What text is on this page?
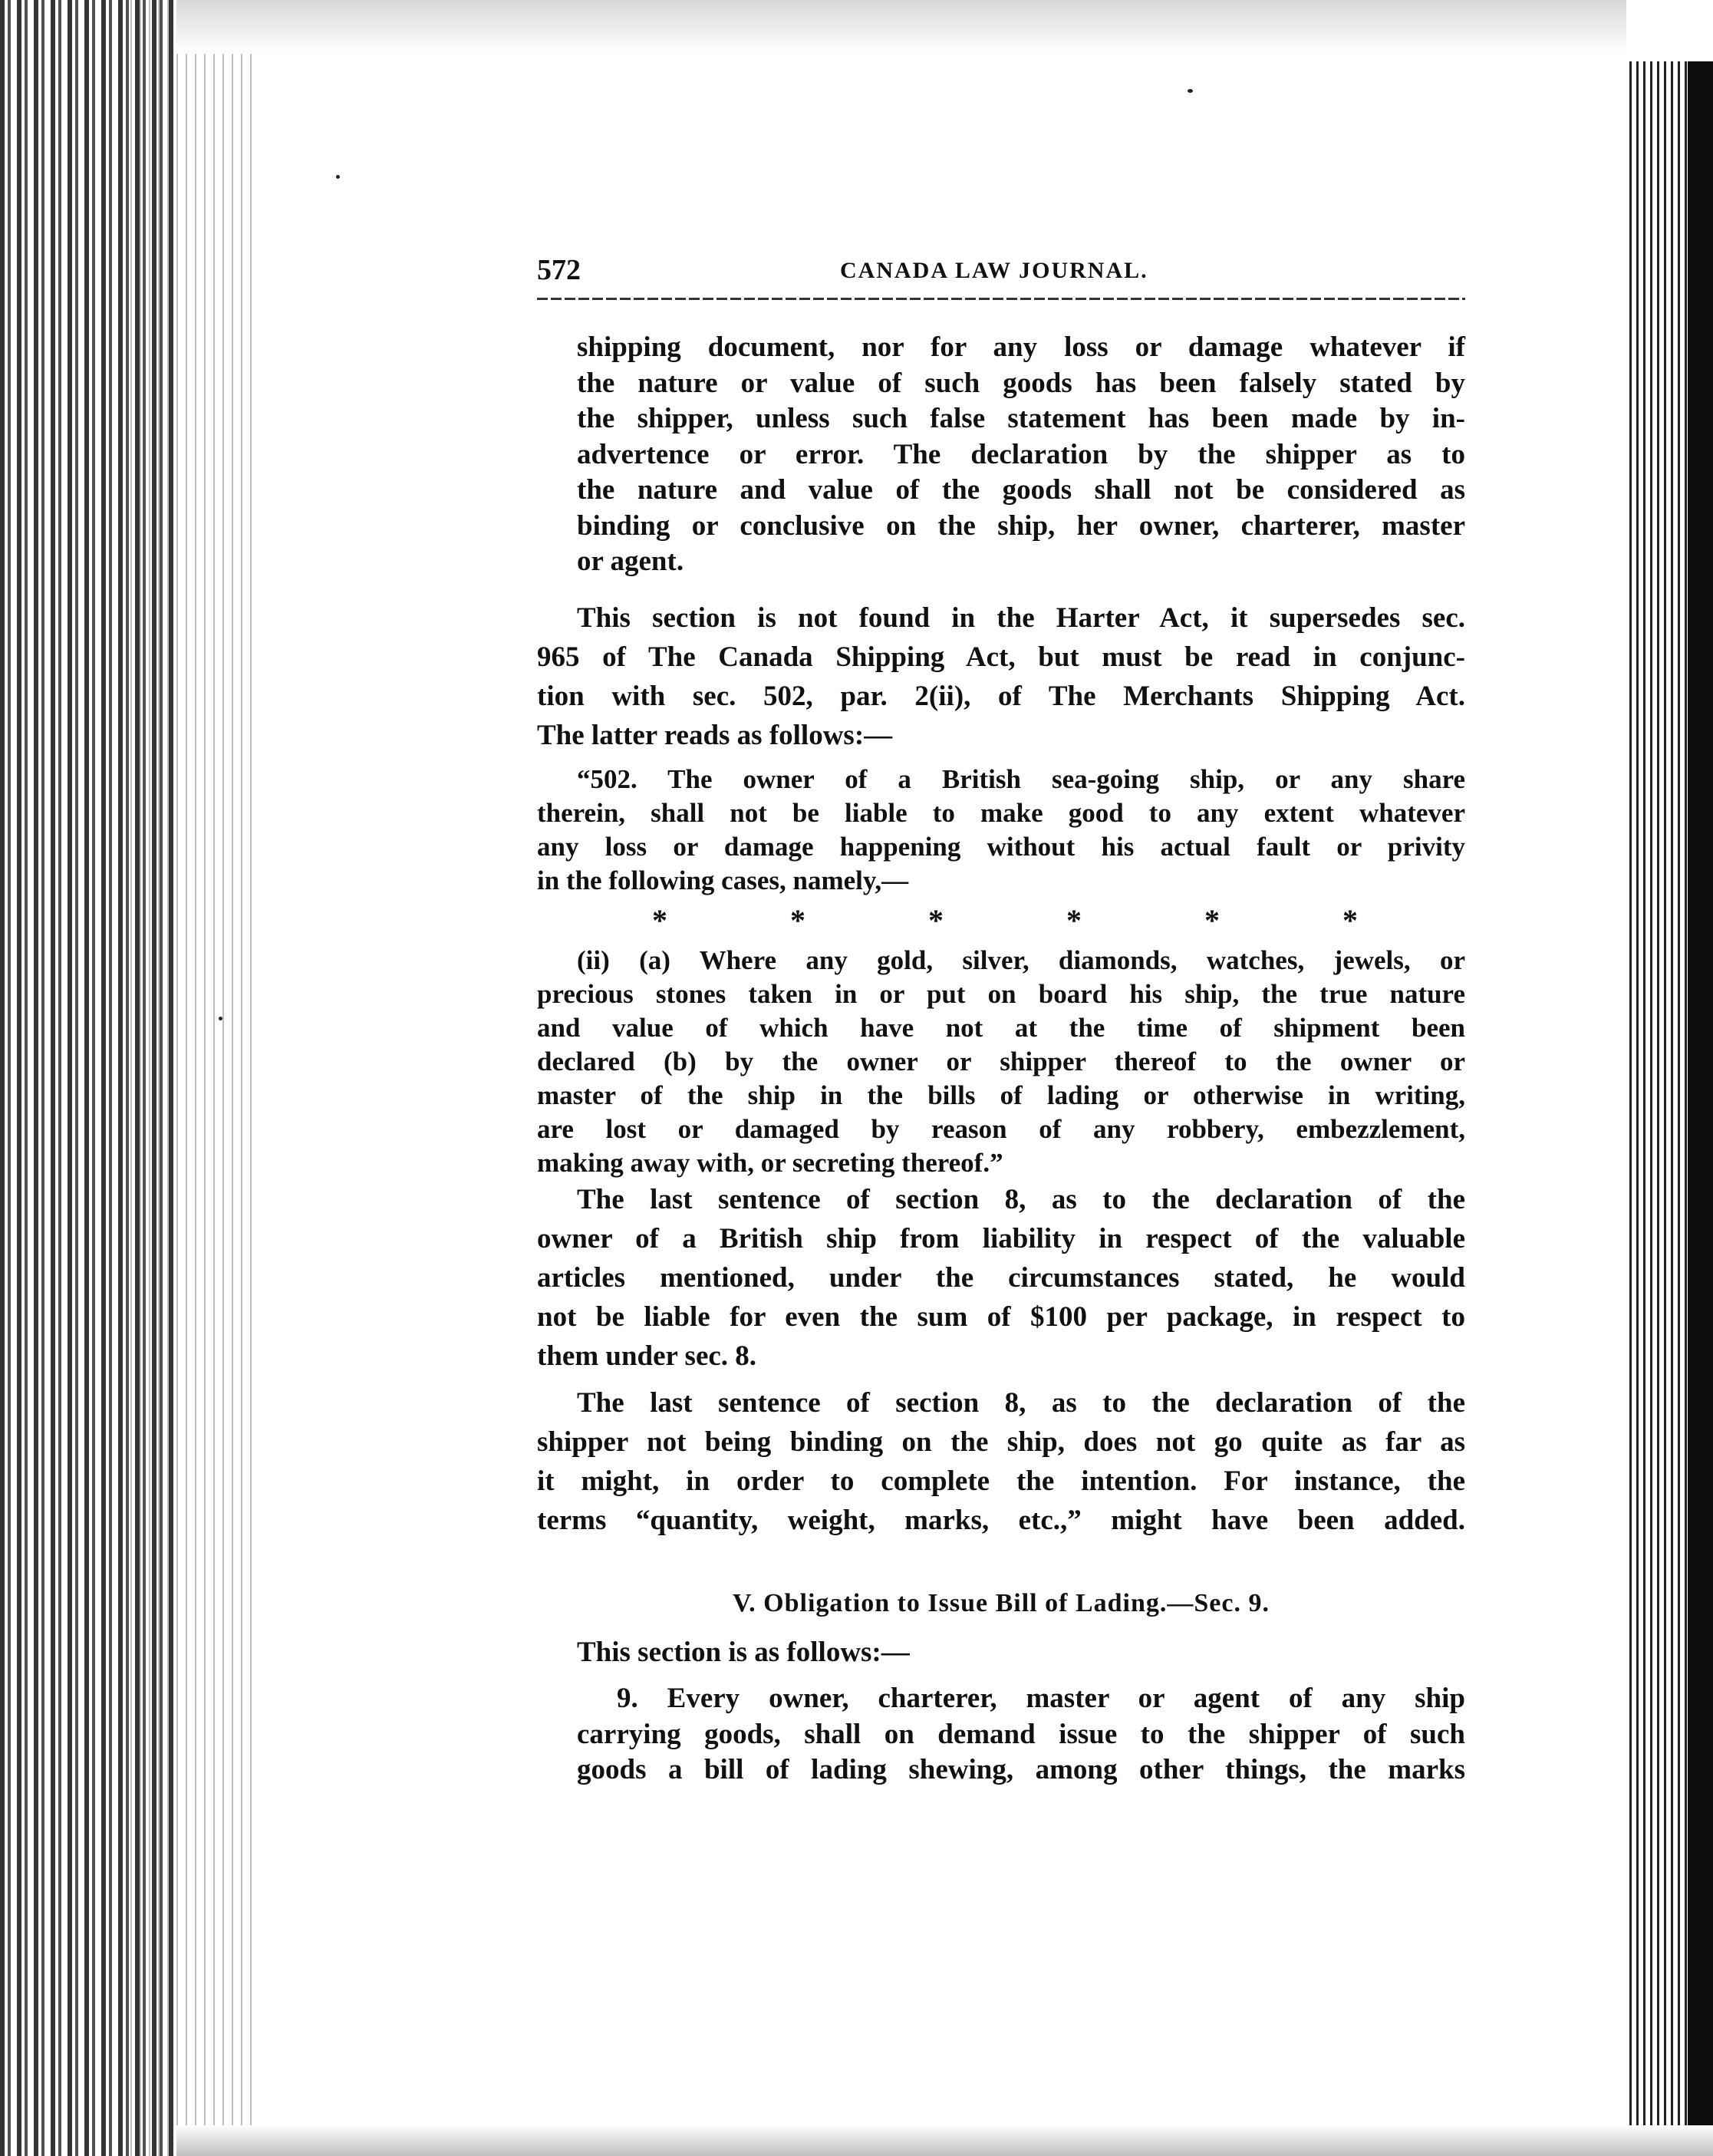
572	CANADA LAW JOURNAL.
shipping document, nor for any loss or damage whatever if
the nature or value of such goods has been falsely stated by
the shipper, unless such false statement has been made by in-
advertence or error. The declaration by the shipper as to
the nature and value of the goods shall not be considered as
binding or conclusive on the ship, her owner, charterer, master
or agent.
This section is not found in the Harter Act, it supersedes sec.
965 of The Canada Shipping Act, but must be read in conjunc-
tion with sec. 502, par. 2(ii), of The Merchants Shipping Act.
The latter reads as follows:—
“502. The owner of a British sea-going ship, or any share
therein, shall not be liable to make good to any extent whatever
any loss or damage happening without his actual fault or privity
in the following cases, namely,—
*	*	*	*	*	*
(ii) (a) Where any gold, silver, diamonds, watches, jewels, or
precious stones taken in or put on board his ship, the true nature
and value of which have not at the time of shipment been
declared (b) by the owner or shipper thereof to the owner or
master of the ship in the bills of lading or otherwise in writing,
are lost or damaged by reason of any robbery, embezzlement,
making away with, or secreting thereof.”
The last sentence of section 8, as to the declaration of the
owner of a British ship from liability in respect of the valuable
articles mentioned, under the circumstances stated, he would
not be liable for even the sum of $100 per package, in respect to
them under sec. 8.
The last sentence of section 8, as to the declaration of the
shipper not being binding on the ship, does not go quite as far as
it might, in order to complete the intention. For instance, the
terms “quantity, weight, marks, etc.,” might have been added.
V. Obligation to Issue Bill of Lading.—Sec. 9.
This section is as follows:—
9. Every owner, charterer, master or agent of any ship
carrying goods, shall on demand issue to the shipper of such
goods a bill of lading shewing, among other things, the marks
